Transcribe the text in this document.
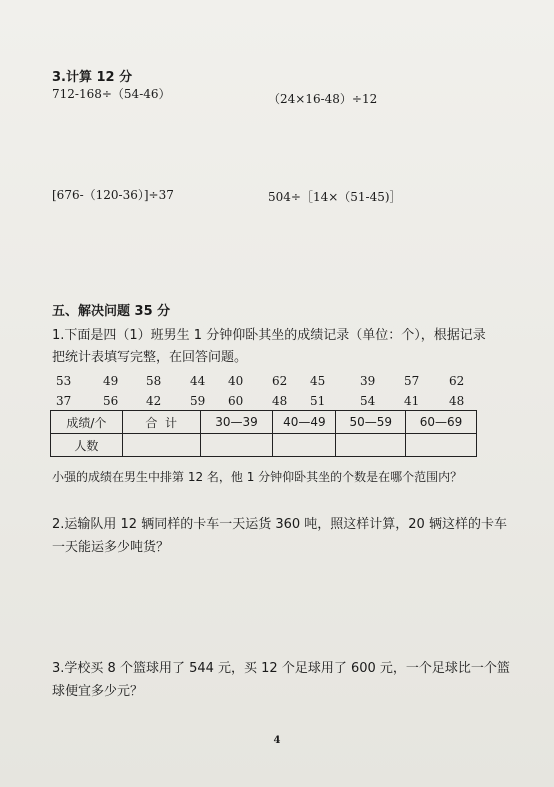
3.计算 12 分
712-168÷（54-46）	（24×16-48）÷12
[676-（120-36）]÷37	504÷［14×（51-45)］
五、解决问题 35 分
1.下面是四（1）班男生 1 分钟仰卧其坐的成绩记录（单位：个），根据记录
把统计表填写完整，在回答问题。
53	49 58 44 40 62 45	39 57 62
37	56 42 59 60 48 51	54 41 48
成绩/个	合  计	30—39	40—49	50—59	60—69
人数					
小强的成绩在男生中排第 12 名，他 1 分钟仰卧其坐的个数是在哪个范围内？
2.运输队用 12 辆同样的卡车一天运货 360 吨，照这样计算，20 辆这样的卡车
一天能运多少吨货？
3.学校买 8 个篮球用了 544 元，买 12 个足球用了 600 元，一个足球比一个篮
球便宜多少元？
4
